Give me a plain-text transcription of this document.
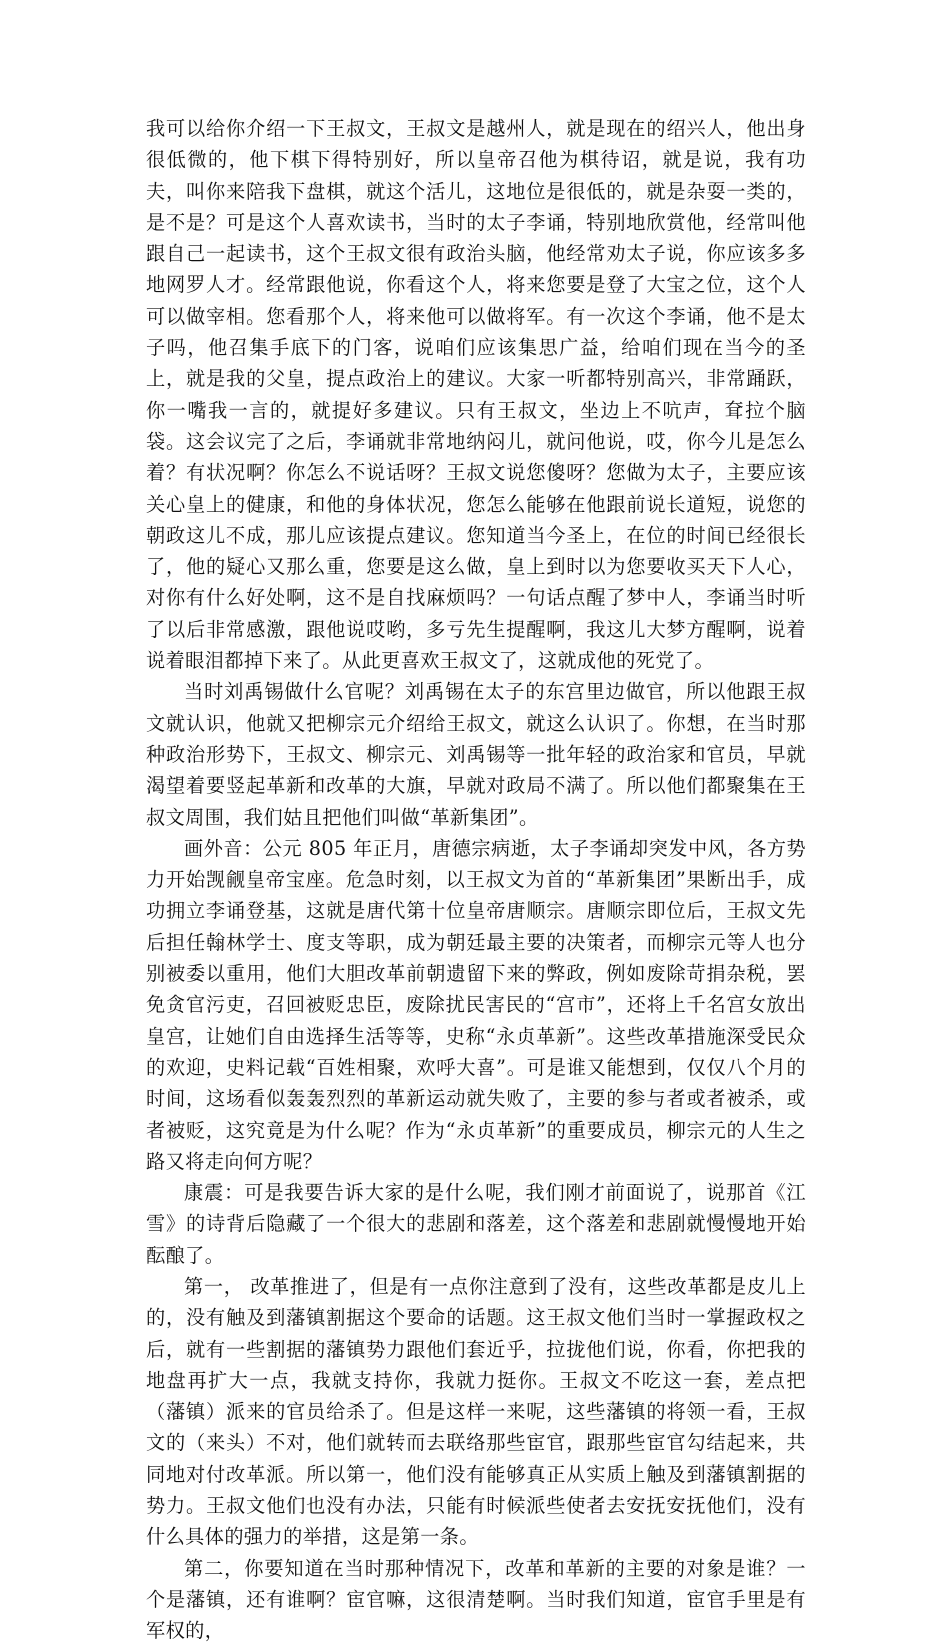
我可以给你介绍一下王叔文，王叔文是越州人，就是现在的绍兴人，他出身很低微的，他下棋下得特别好，所以皇帝召他为棋待诏，就是说，我有功夫，叫你来陪我下盘棋，就这个活儿，这地位是很低的，就是杂耍一类的，是不是？可是这个人喜欢读书，当时的太子李诵，特别地欣赏他，经常叫他跟自己一起读书，这个王叔文很有政治头脑，他经常劝太子说，你应该多多地网罗人才。经常跟他说，你看这个人，将来您要是登了大宝之位，这个人可以做宰相。您看那个人，将来他可以做将军。有一次这个李诵，他不是太子吗，他召集手底下的门客，说咱们应该集思广益，给咱们现在当今的圣上，就是我的父皇，提点政治上的建议。大家一听都特别高兴，非常踊跃，你一嘴我一言的，就提好多建议。只有王叔文，坐边上不吭声，耷拉个脑袋。这会议完了之后，李诵就非常地纳闷儿，就问他说，哎，你今儿是怎么着？有状况啊？你怎么不说话呀？王叔文说您傻呀？您做为太子，主要应该关心皇上的健康，和他的身体状况，您怎么能够在他跟前说长道短，说您的朝政这儿不成，那儿应该提点建议。您知道当今圣上，在位的时间已经很长了，他的疑心又那么重，您要是这么做，皇上到时以为您要收买天下人心，对你有什么好处啊，这不是自找麻烦吗？一句话点醒了梦中人，李诵当时听了以后非常感激，跟他说哎哟，多亏先生提醒啊，我这儿大梦方醒啊，说着说着眼泪都掉下来了。从此更喜欢王叔文了，这就成他的死党了。

当时刘禹锡做什么官呢？刘禹锡在太子的东宫里边做官，所以他跟王叔文就认识，他就又把柳宗元介绍给王叔文，就这么认识了。你想，在当时那种政治形势下，王叔文、柳宗元、刘禹锡等一批年轻的政治家和官员，早就渴望着要竖起革新和改革的大旗，早就对政局不满了。所以他们都聚集在王叔文周围，我们姑且把他们叫做“革新集团”。

画外音：公元 805 年正月，唐德宗病逝，太子李诵却突发中风，各方势力开始觊觎皇帝宝座。危急时刻，以王叔文为首的“革新集团”果断出手，成功拥立李诵登基，这就是唐代第十位皇帝唐顺宗。唐顺宗即位后，王叔文先后担任翰林学士、度支等职，成为朝廷最主要的决策者，而柳宗元等人也分别被委以重用，他们大胆改革前朝遗留下来的弊政，例如废除苛捐杂税，罢免贪官污吏，召回被贬忠臣，废除扰民害民的“宫市”，还将上千名宫女放出皇宫，让她们自由选择生活等等，史称“永贞革新”。这些改革措施深受民众的欢迎，史料记载“百姓相聚，欢呼大喜”。可是谁又能想到，仅仅八个月的时间，这场看似轰轰烈烈的革新运动就失败了，主要的参与者或者被杀，或者被贬，这究竟是为什么呢？作为“永贞革新”的重要成员，柳宗元的人生之路又将走向何方呢？

康震：可是我要告诉大家的是什么呢，我们刚才前面说了，说那首《江雪》的诗背后隐藏了一个很大的悲剧和落差，这个落差和悲剧就慢慢地开始酝酿了。

第一， 改革推进了，但是有一点你注意到了没有，这些改革都是皮儿上的，没有触及到藩镇割据这个要命的话题。这王叔文他们当时一掌握政权之后，就有一些割据的藩镇势力跟他们套近乎，拉拢他们说，你看，你把我的地盘再扩大一点，我就支持你，我就力挺你。王叔文不吃这一套，差点把（藩镇）派来的官员给杀了。但是这样一来呢，这些藩镇的将领一看，王叔文的（来头）不对，他们就转而去联络那些宦官，跟那些宦官勾结起来，共同地对付改革派。所以第一，他们没有能够真正从实质上触及到藩镇割据的势力。王叔文他们也没有办法，只能有时候派些使者去安抚安抚他们，没有什么具体的强力的举措，这是第一条。

第二，你要知道在当时那种情况下，改革和革新的主要的对象是谁？一个是藩镇，还有谁啊？宦官嘛，这很清楚啊。当时我们知道，宦官手里是有军权的，
